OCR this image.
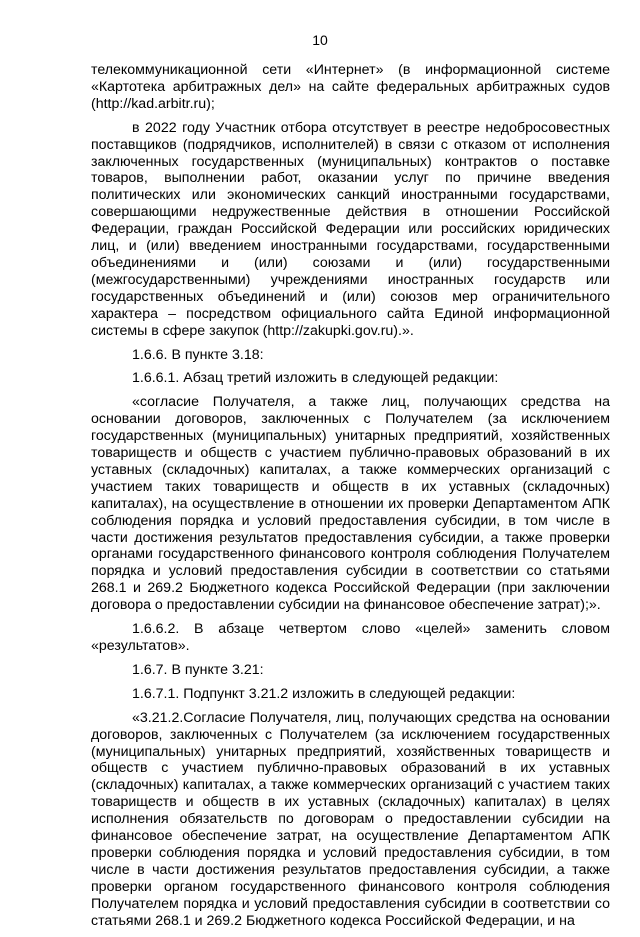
10

телекоммуникационной сети «Интернет» (в информационной системе «Картотека арбитражных дел» на сайте федеральных арбитражных судов (http://kad.arbitr.ru);

в 2022 году Участник отбора отсутствует в реестре недобросовестных поставщиков (подрядчиков, исполнителей) в связи с отказом от исполнения заключенных государственных (муниципальных) контрактов о поставке товаров, выполнении работ, оказании услуг по причине введения политических или экономических санкций иностранными государствами, совершающими недружественные действия в отношении Российской Федерации, граждан Российской Федерации или российских юридических лиц, и (или) введением иностранными государствами, государственными объединениями и (или) союзами и (или) государственными (межгосударственными) учреждениями иностранных государств или государственных объединений и (или) союзов мер ограничительного характера – посредством официального сайта Единой информационной системы в сфере закупок (http://zakupki.gov.ru).».

1.6.6. В пункте 3.18:

1.6.6.1. Абзац третий изложить в следующей редакции:

«согласие Получателя, а также лиц, получающих средства на основании договоров, заключенных с Получателем (за исключением государственных (муниципальных) унитарных предприятий, хозяйственных товариществ и обществ с участием публично-правовых образований в их уставных (складочных) капиталах, а также коммерческих организаций с участием таких товариществ и обществ в их уставных (складочных) капиталах), на осуществление в отношении их проверки Департаментом АПК соблюдения порядка и условий предоставления субсидии, в том числе в части достижения результатов предоставления субсидии, а также проверки органами государственного финансового контроля соблюдения Получателем порядка и условий предоставления субсидии в соответствии со статьями 268.1 и 269.2 Бюджетного кодекса Российской Федерации (при заключении договора о предоставлении субсидии на финансовое обеспечение затрат);».

1.6.6.2. В абзаце четвертом слово «целей» заменить словом «результатов».

1.6.7. В пункте 3.21:

1.6.7.1. Подпункт 3.21.2 изложить в следующей редакции:

«3.21.2.Согласие Получателя, лиц, получающих средства на основании договоров, заключенных с Получателем (за исключением государственных (муниципальных) унитарных предприятий, хозяйственных товариществ и обществ с участием публично-правовых образований в их уставных (складочных) капиталах, а также коммерческих организаций с участием таких товариществ и обществ в их уставных (складочных) капиталах) в целях исполнения обязательств по договорам о предоставлении субсидии на финансовое обеспечение затрат, на осуществление Департаментом АПК проверки соблюдения порядка и условий предоставления субсидии, в том числе в части достижения результатов предоставления субсидии, а также проверки органом государственного финансового контроля соблюдения Получателем порядка и условий предоставления субсидии в соответствии со статьями 268.1 и 269.2 Бюджетного кодекса Российской Федерации, и на
